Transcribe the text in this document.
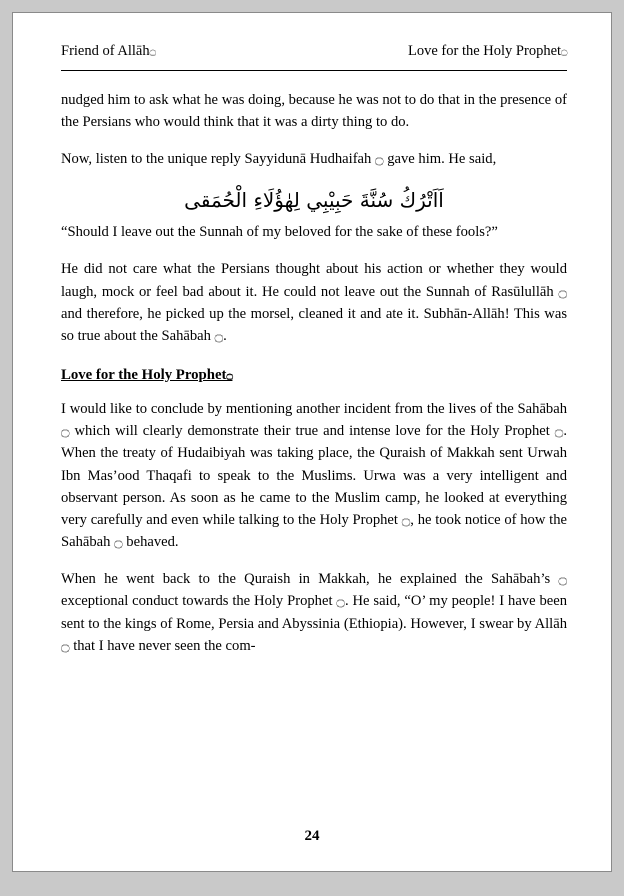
Friend of Allāh۝	Love for the Holy Prophet۝

nudged him to ask what he was doing, because he was not to do that in the presence of the Persians who would think that it was a dirty thing to do.

Now, listen to the unique reply Sayyidunā Hudhaifah ۝ gave him. He said,

اَاَتْرُكُ سُنَّةَ حَبِيْبِي لِهٰؤُلَاءِ الْحُمَقى

“Should I leave out the Sunnah of my beloved for the sake of these fools?”

He did not care what the Persians thought about his action or whether they would laugh, mock or feel bad about it. He could not leave out the Sunnah of Rasūlullāh ۝ and therefore, he picked up the morsel, cleaned it and ate it. Subhān-Allāh! This was so true about the Sahābah ۝.

Love for the Holy Prophet۝

I would like to conclude by mentioning another incident from the lives of the Sahābah ۝ which will clearly demonstrate their true and intense love for the Holy Prophet ۝. When the treaty of Hudaibiyah was taking place, the Quraish of Makkah sent Urwah Ibn Mas’ood Thaqafi to speak to the Muslims. Urwa was a very intelligent and observant person. As soon as he came to the Muslim camp, he looked at everything very carefully and even while talking to the Holy Prophet ۝, he took notice of how the Sahābah ۝ behaved.

When he went back to the Quraish in Makkah, he explained the Sahābah’s ۝ exceptional conduct towards the Holy Prophet ۝. He said, “O’ my people! I have been sent to the kings of Rome, Persia and Abyssinia (Ethiopia). However, I swear by Allāh ۝ that I have never seen the com-

24
